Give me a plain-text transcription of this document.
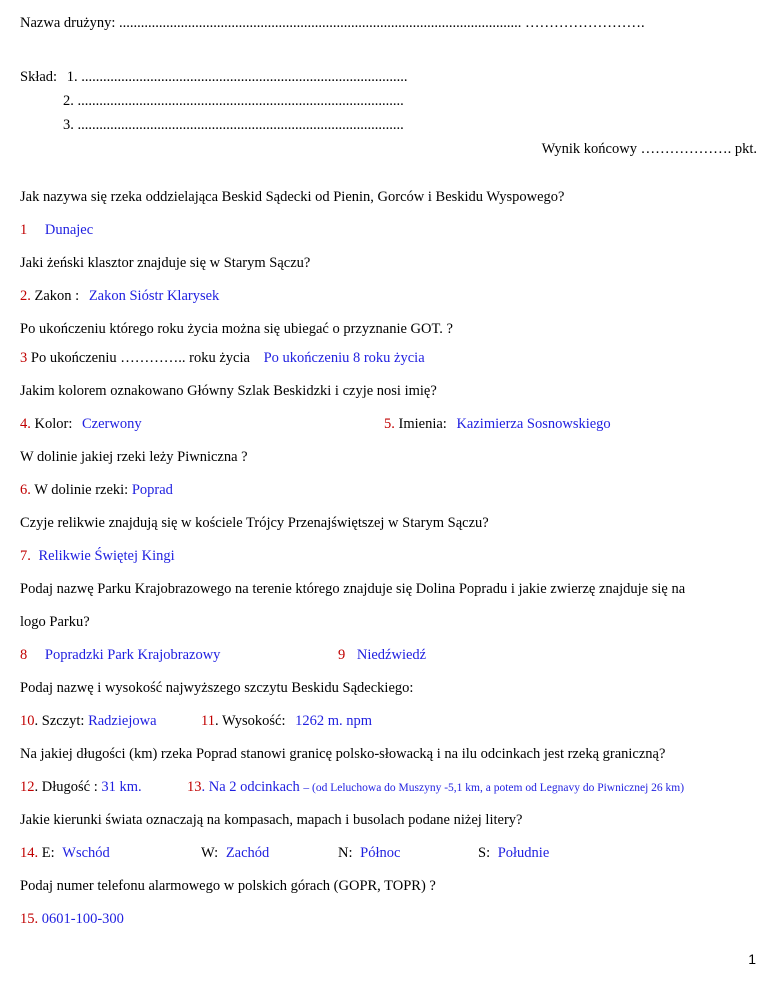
Nazwa drużyny: ............................................................................................................... …………………….
Skład: 1. ..........................................................................................
2. ..........................................................................................
3. ..........................................................................................
Wynik końcowy ………………. pkt.
Jak nazywa się rzeka oddzielająca Beskid Sądecki od Pienin, Gorców i Beskidu Wyspowego?
1 Dunajec
Jaki żeński klasztor znajduje się w Starym Sączu?
2. Zakon : Zakon Sióstr Klarysek
Po ukończeniu którego roku życia można się ubiegać o przyznanie GOT. ?
3 Po ukończeniu ………….. roku życia Po ukończeniu 8 roku życia
Jakim kolorem oznakowano Główny Szlak Beskidzki i czyje nosi imię?
4. Kolor: Czerwony	5. Imienia: Kazimierza Sosnowskiego
W dolinie jakiej rzeki leży Piwniczna ?
6. W dolinie rzeki: Poprad
Czyje relikwie znajdują się w kościele Trójcy Przenajświętszej w Starym Sączu?
7. Relikwie Świętej Kingi
Podaj nazwę Parku Krajobrazowego na terenie którego znajduje się Dolina Popradu i jakie zwierzę znajduje się na
logo Parku?
8 Popradzki Park Krajobrazowy	9 Niedźwiedź
Podaj nazwę i wysokość najwyższego szczytu Beskidu Sądeckiego:
10. Szczyt: Radziejowa	11. Wysokość: 1262 m. npm
Na jakiej długości (km) rzeka Poprad stanowi granicę polsko-słowacką i na ilu odcinkach jest rzeką graniczną?
12. Długość : 31 km.	13. Na 2 odcinkach – (od Leluchowa do Muszyny -5,1 km, a potem od Legnavy do Piwnicznej 26 km)
Jakie kierunki świata oznaczają na kompasach, mapach i busolach podane niżej litery?
14. E: Wschód	W: Zachód	N: Północ	S: Południe
Podaj numer telefonu alarmowego w polskich górach (GOPR, TOPR) ?
15. 0601-100-300
1
